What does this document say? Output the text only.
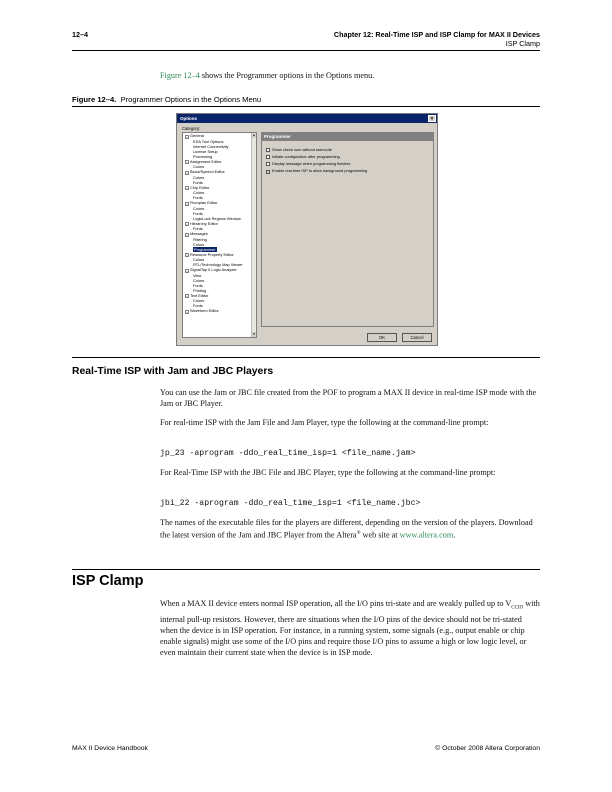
12–4	Chapter 12: Real-Time ISP and ISP Clamp for MAX II Devices
ISP Clamp
Figure 12–4 shows the Programmer options in the Options menu.
Figure 12–4. Programmer Options in the Options Menu
Options	×
Category:
– General
EDA Tool Options
Internet Connectivity
License Setup
Processing
– Assignment Editor
Colors
– Block/Symbol Editor
Colors
Fonts
– Chip Editor
Colors
Fonts
– Floorplan Editor
Colors
Fonts
LogicLock Regions Window
– Hierarchy Editor
Fonts
– Messages
Filtering
Colors
Programmer
– Resource Property Editor
Colors
RTL/Technology Map Viewer
– SignalTap II Logic Analyzer
View
Colors
Fonts
Printing
– Text Editor
Colors
Fonts
– Waveform Editor
▲
▼
Programmer
Show check sum without usercode
Initiate configuration after programming
Display message when programming finishes
✓ Enable real-time ISP to allow background programming
OK	Cancel
Real-Time ISP with Jam and JBC Players
You can use the Jam or JBC file created from the POF to program a MAX II device in real-time ISP mode with the Jam or JBC Player.
For real-time ISP with the Jam File and Jam Player, type the following at the command-line prompt:
jp_23 -aprogram -ddo_real_time_isp=1 <file_name.jam>
For Real-Time ISP with the JBC File and JBC Player, type the following at the command-line prompt:
jbi_22 -aprogram -ddo_real_time_isp=1 <file_name.jbc>
The names of the executable files for the players are different, depending on the version of the players. Download the latest version of the Jam and JBC Player from the Altera® web site at www.altera.com.
ISP Clamp
When a MAX II device enters normal ISP operation, all the I/O pins tri-state and are weakly pulled up to $V_{CCIO}$ with internal pull-up resistors. However, there are situations when the I/O pins of the device should not be tri-stated when the device is in ISP operation. For instance, in a running system, some signals (e.g., output enable or chip enable signals) might use some of the I/O pins and require those I/O pins to assume a high or low logic level, or even maintain their current state when the device is in ISP mode.
MAX II Device Handbook	© October 2008 Altera Corporation
